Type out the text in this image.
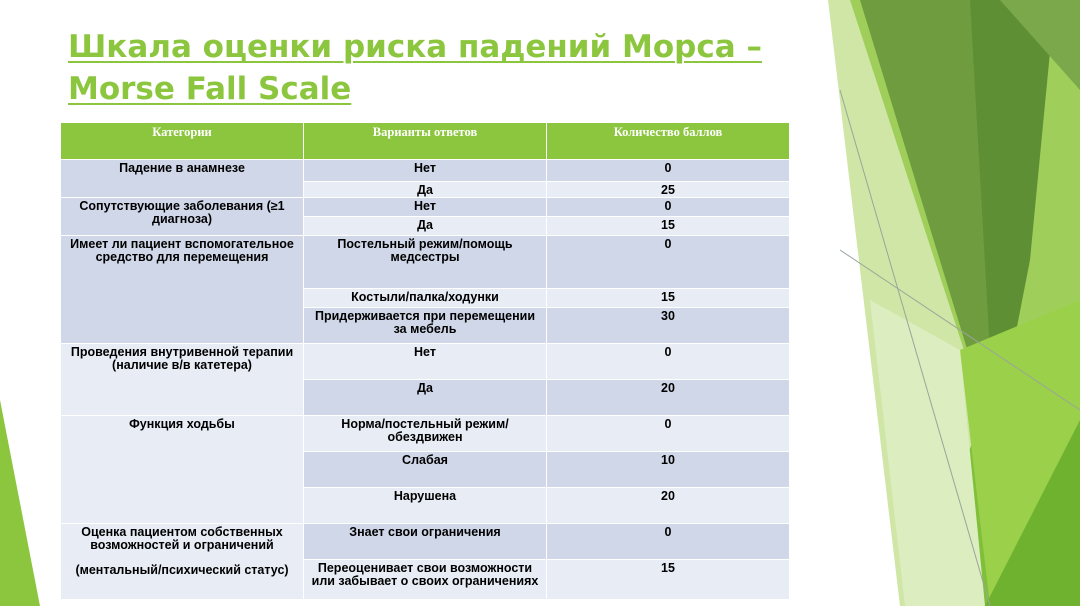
Шкала оценки риска падений Морса –
Morse Fall Scale
Категории	Варианты ответов	Количество баллов
Падение в анамнезе	Нет	0
	Да	25
Сопутствующие заболевания (≥1 диагноза)	Нет	0
	Да	15
Имеет ли пациент вспомогательное средство для перемещения	Постельный режим/помощь медсестры	0
	Костыли/палка/ходунки	15
	Придерживается при перемещении за мебель	30
Проведения внутривенной терапии (наличие в/в катетера)	Нет	0
	Да	20
Функция ходьбы	Норма/постельный режим/обездвижен	0
	Слабая	10
	Нарушена	20
Оценка пациентом собственных возможностей и ограничений
(ментальный/психический статус)	Знает свои ограничения	0
	Переоценивает свои возможности или забывает о своих ограничениях	15
